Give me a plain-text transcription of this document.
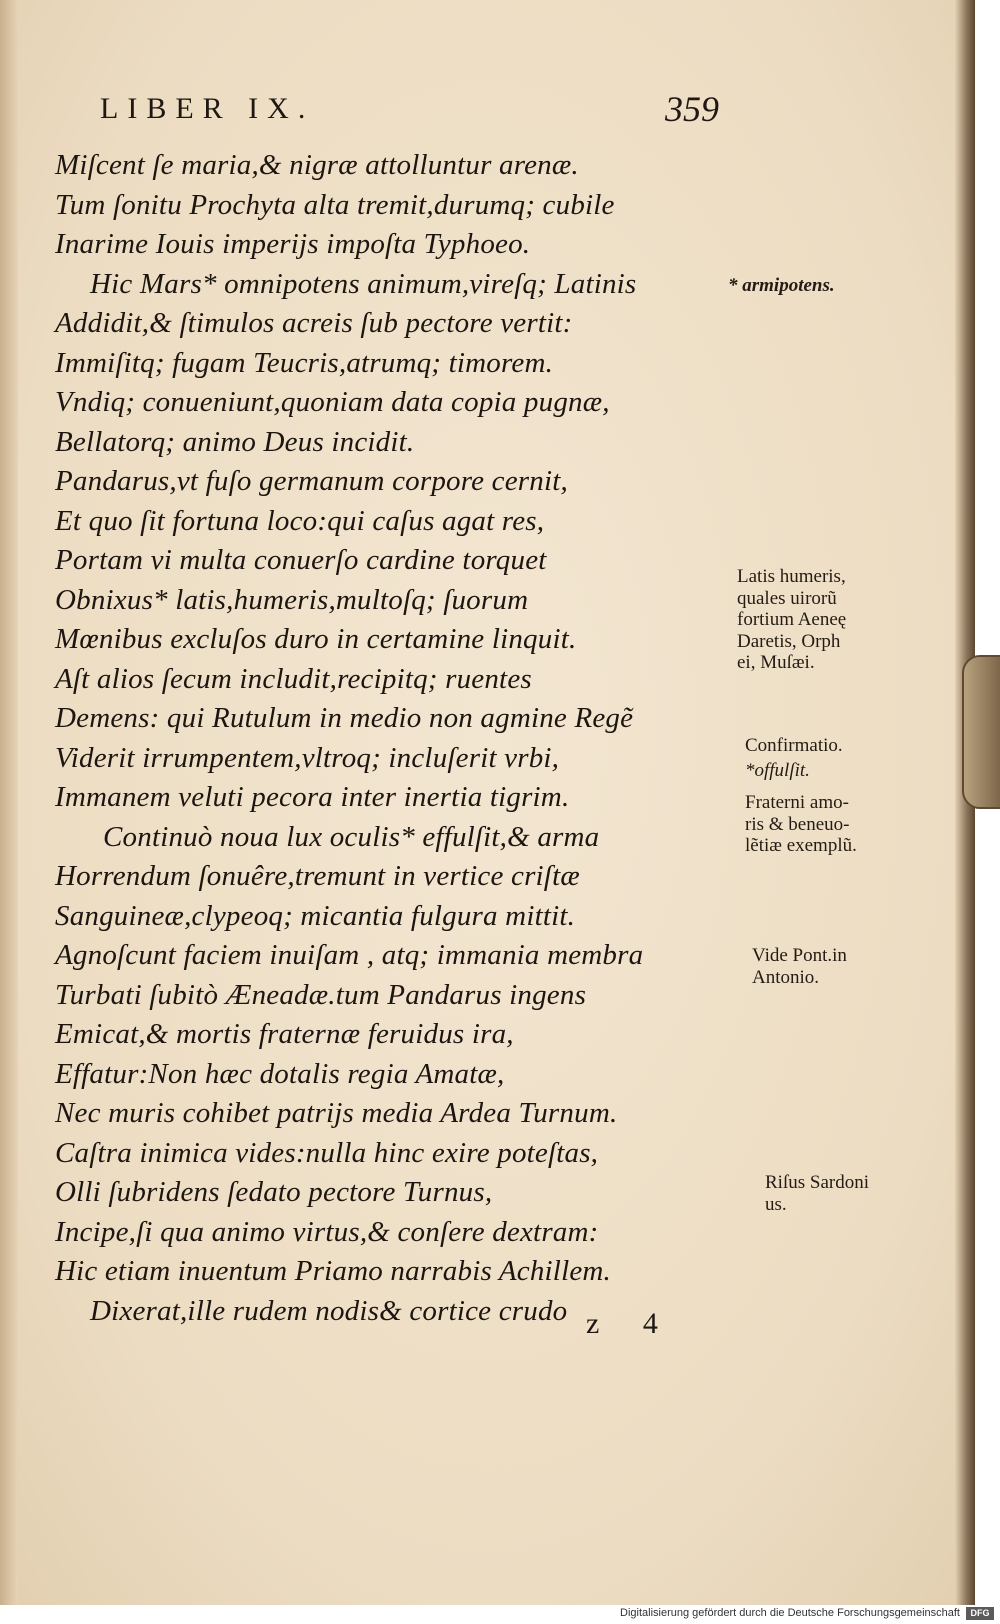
LIBER IX.	359
Miſcent ſe maria,& nigræ attolluntur arenæ.
Tum ſonitu Prochyta alta tremit,durumq; cubile
Inarime Iouis imperijs impoſta Typhoeo.
Hic Mars* omnipotens animum,vireſq; Latinis
Addidit,& ſtimulos acreis ſub pectore vertit:
Immiſitq; fugam Teucris,atrumq; timorem.
Vndiq; conueniunt,quoniam data copia pugnæ,
Bellatorq; animo Deus incidit.
Pandarus,vt fuſo germanum corpore cernit,
Et quo ſit fortuna loco:qui caſus agat res,
Portam vi multa conuerſo cardine torquet
Obnixus* latis,humeris,multoſq; ſuorum
Mœnibus excluſos duro in certamine linquit.
Aſt alios ſecum includit,recipitq; ruentes
Demens: qui Rutulum in medio non agmine Regẽ
Viderit irrumpentem,vltroq; incluſerit vrbi,
Immanem veluti pecora inter inertia tigrim.
Continuò noua lux oculis* effulſit,& arma
Horrendum ſonuêre,tremunt in vertice criſtæ
Sanguineæ,clypeoq; micantia fulgura mittit.
Agnoſcunt faciem inuiſam , atq; immania membra
Turbati ſubitò Æneadæ.tum Pandarus ingens
Emicat,& mortis fraternæ feruidus ira,
Effatur:Non hæc dotalis regia Amatæ,
Nec muris cohibet patrijs media Ardea Turnum.
Caſtra inimica vides:nulla hinc exire poteſtas,
Olli ſubridens ſedato pectore Turnus,
Incipe,ſi qua animo virtus,& conſere dextram:
Hic etiam inuentum Priamo narrabis Achillem.
Dixerat,ille rudem nodis& cortice crudo
* armipotens.
Latis humeris,
quales uirorũ
fortium Aeneę
Daretis, Orph
ei, Muſæi.
Confirmatio.
*offulſit.
Fraterni amo-
ris & beneuo-
lẽtiæ exemplũ.
Vide Pont.in
Antonio.
Riſus Sardoni
us.
z 4
Digitalisierung gefördert durch die Deutsche Forschungsgemeinschaft	DFG
